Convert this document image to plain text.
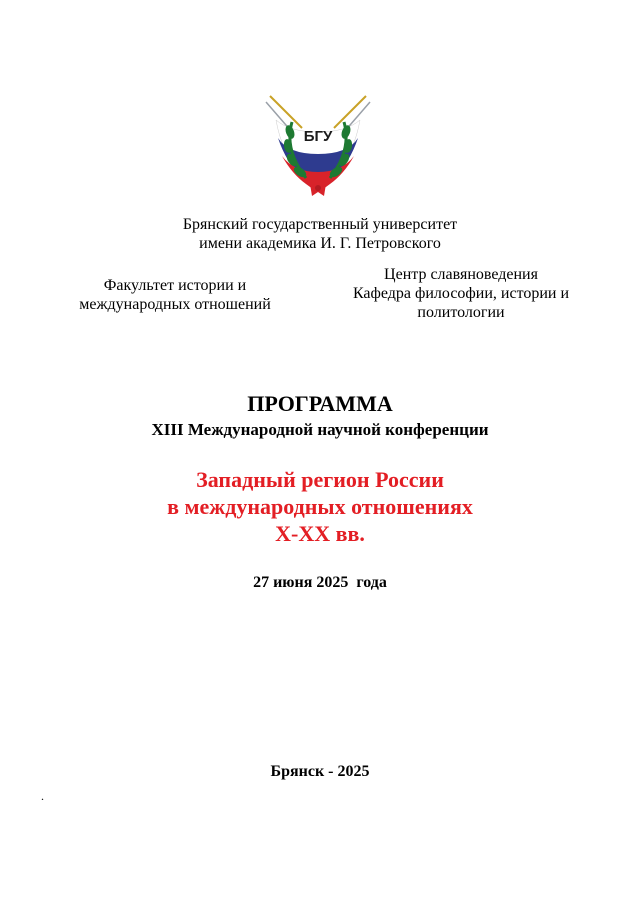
БГУ
Брянский государственный университет
имени академика И. Г. Петровского
Факультет истории и
международных отношений
Центр славяноведения
Кафедра философии, истории и
политологии
ПРОГРАММА
XIII Международной научной конференции
Западный регион России
в международных отношениях
X-XX вв.
27 июня 2025  года
Брянск - 2025
.
